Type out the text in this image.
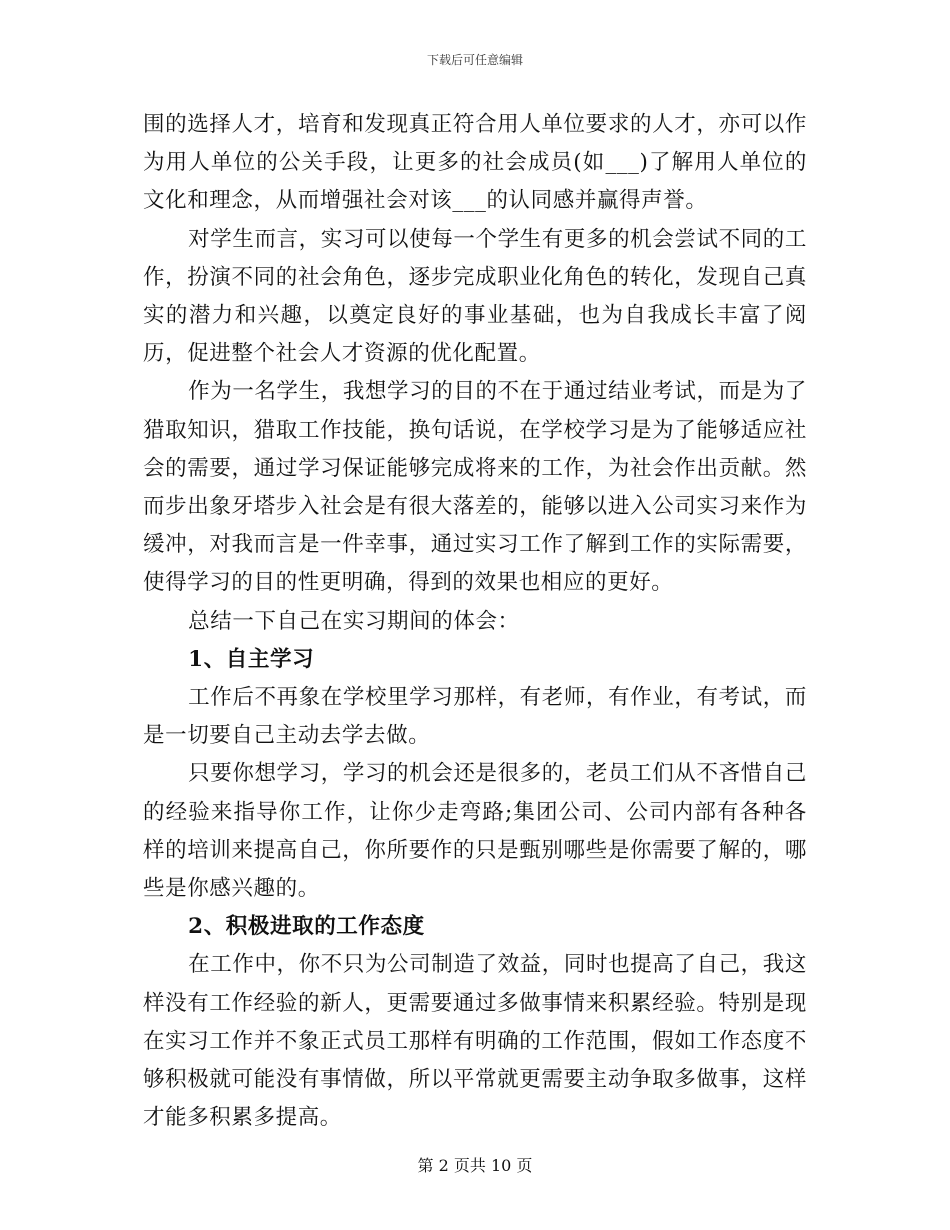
下载后可任意编辑

围的选择人才，培育和发现真正符合用人单位要求的人才，亦可以作为用人单位的公关手段，让更多的社会成员(如___)了解用人单位的文化和理念，从而增强社会对该___的认同感并赢得声誉。

对学生而言，实习可以使每一个学生有更多的机会尝试不同的工作，扮演不同的社会角色，逐步完成职业化角色的转化，发现自己真实的潜力和兴趣，以奠定良好的事业基础，也为自我成长丰富了阅历，促进整个社会人才资源的优化配置。

作为一名学生，我想学习的目的不在于通过结业考试，而是为了猎取知识，猎取工作技能，换句话说，在学校学习是为了能够适应社会的需要，通过学习保证能够完成将来的工作，为社会作出贡献。然而步出象牙塔步入社会是有很大落差的，能够以进入公司实习来作为缓冲，对我而言是一件幸事，通过实习工作了解到工作的实际需要，使得学习的目的性更明确，得到的效果也相应的更好。

总结一下自己在实习期间的体会：

1、自主学习

工作后不再象在学校里学习那样，有老师，有作业，有考试，而是一切要自己主动去学去做。

只要你想学习，学习的机会还是很多的，老员工们从不吝惜自己的经验来指导你工作，让你少走弯路;集团公司、公司内部有各种各样的培训来提高自己，你所要作的只是甄别哪些是你需要了解的，哪些是你感兴趣的。

2、积极进取的工作态度

在工作中，你不只为公司制造了效益，同时也提高了自己，我这样没有工作经验的新人，更需要通过多做事情来积累经验。特别是现在实习工作并不象正式员工那样有明确的工作范围，假如工作态度不够积极就可能没有事情做，所以平常就更需要主动争取多做事，这样才能多积累多提高。

第 2 页共 10 页
